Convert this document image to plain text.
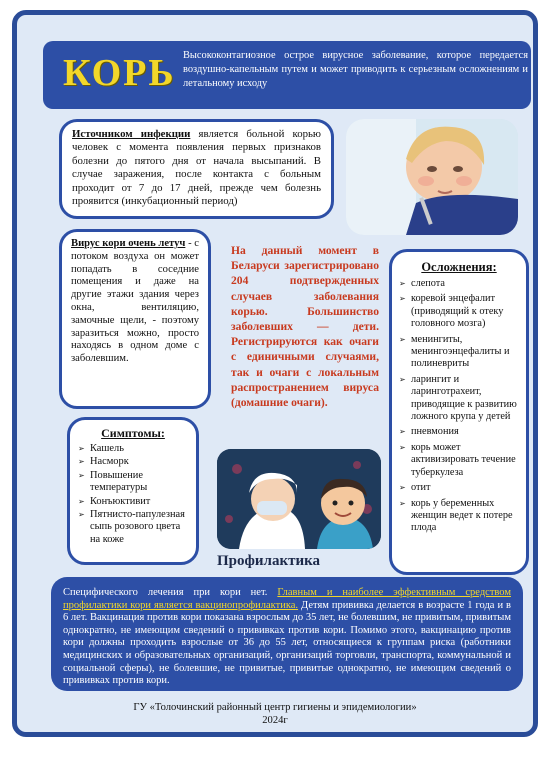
КОРЬ Высококонтагиозное острое вирусное заболевание, которое передается воздушно-капельным путем и может приводить к серьезным осложнениям и летальному исходу
Источником инфекции является больной корью человек с момента появления первых признаков болезни до пятого дня от начала высыпаний. В случае заражения, после контакта с больным проходит от 7 до 17 дней, прежде чем болезнь проявится (инкубационный период)
Вирус кори очень летуч - с потоком воздуха он может попадать в соседние помещения и даже на другие этажи здания через окна, вентиляцию, замочные щели, - поэтому заразиться можно, просто находясь в одном доме с заболевшим.
На данный момент в Беларуси зарегистрировано 204 подтвержденных случаев заболевания корью. Большинство заболевших — дети. Регистрируются как очаги с единичными случаями, так и очаги с локальным распространением вируса (домашние очаги).
Осложнения:
➢ слепота
➢ коревой энцефалит (приводящий к отеку головного мозга)
➢ менингиты, менингоэнцефалиты и полиневриты
➢ ларингит и ларинготрахеит, приводящие к развитию ложного крупа у детей
➢ пневмония
➢ корь может активизировать течение туберкулеза
➢ отит
➢ корь у беременных женщин ведет к потере плода
Симптомы:
➢ Кашель
➢ Насморк
➢ Повышение температуры
➢ Конъюктивит
➢ Пятнисто-папулезная сыпь розового цвета на коже
Профилактика
Специфического лечения при кори нет. Главным и наиболее эффективным средством профилактики кори является вакцинопрофилактика. Детям прививка делается в возрасте 1 года и в 6 лет. Вакцинация против кори показана взрослым до 35 лет, не болевшим, не привитым, привитым однократно, не имеющим сведений о прививках против кори. Помимо этого, вакцинацию против кори должны проходить взрослые от 36 до 55 лет, относящиеся к группам риска (работники медицинских и образовательных организаций, организаций торговли, транспорта, коммунальной и социальной сферы), не болевшие, не привитые, привитые однократно, не имеющим сведений о прививках против кори.
ГУ «Толочинский районный центр гигиены и эпидемиологии»
2024г
